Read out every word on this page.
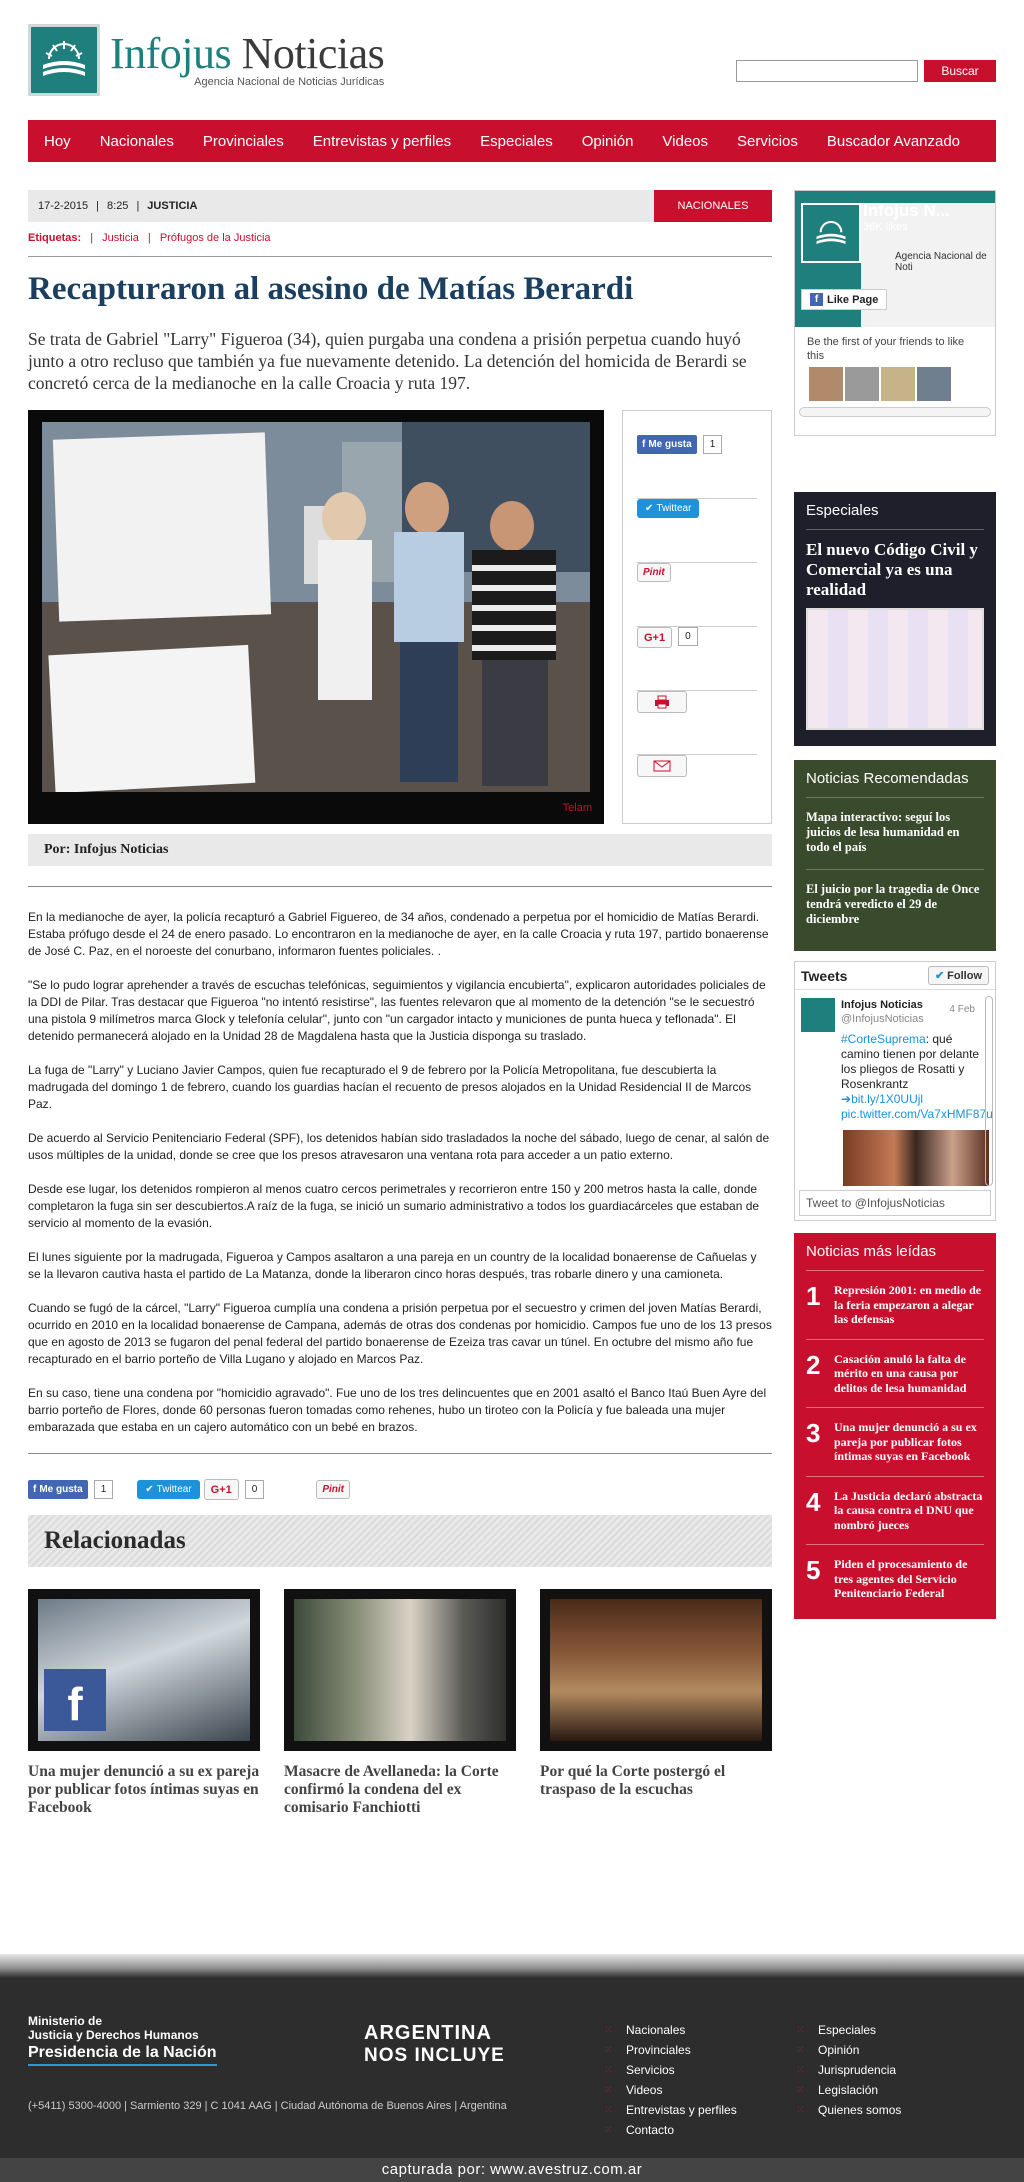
Infojus Noticias
Agencia Nacional de Noticias Jurídicas
Buscar
Hoy Nacionales Provinciales Entrevistas y perfiles Especiales Opinión Videos Servicios Buscador Avanzado
17-2-2015 | 8:25 | JUSTICIA	NACIONALES
Etiquetas: | Justicia | Prófugos de la Justicia
Recapturaron al asesino de Matías Berardi

Se trata de Gabriel "Larry" Figueroa (34), quien purgaba una condena a prisión perpetua cuando huyó junto a otro recluso que también ya fue nuevamente detenido. La detención del homicida de Berardi se concretó cerca de la medianoche en la calle Croacia y ruta 197.

Telam
f Me gusta	1
✔ Twittear
Pinit
G+1	0
Por: Infojus Noticias

En la medianoche de ayer, la policía recapturó a Gabriel Figuereo, de 34 años, condenado a perpetua por el homicidio de Matías Berardi. Estaba prófugo desde el 24 de enero pasado. Lo encontraron en la medianoche de ayer, en la calle Croacia y ruta 197, partido bonaerense de José C. Paz, en el noroeste del conurbano, informaron fuentes policiales. .

"Se lo pudo lograr aprehender a través de escuchas telefónicas, seguimientos y vigilancia encubierta", explicaron autoridades policiales de la DDI de Pilar. Tras destacar que Figueroa "no intentó resistirse", las fuentes relevaron que al momento de la detención "se le secuestró una pistola 9 milímetros marca Glock y telefonía celular", junto con "un cargador intacto y municiones de punta hueca y teflonada". El detenido permanecerá alojado en la Unidad 28 de Magdalena hasta que la Justicia disponga su traslado.

La fuga de "Larry" y Luciano Javier Campos, quien fue recapturado el 9 de febrero por la Policía Metropolitana, fue descubierta la madrugada del domingo 1 de febrero, cuando los guardias hacían el recuento de presos alojados en la Unidad Residencial II de Marcos Paz.

De acuerdo al Servicio Penitenciario Federal (SPF), los detenidos habían sido trasladados la noche del sábado, luego de cenar, al salón de usos múltiples de la unidad, donde se cree que los presos atravesaron una ventana rota para acceder a un patio externo.

Desde ese lugar, los detenidos rompieron al menos cuatro cercos perimetrales y recorrieron entre 150 y 200 metros hasta la calle, donde completaron la fuga sin ser descubiertos.A raíz de la fuga, se inició un sumario administrativo a todos los guardiacárceles que estaban de servicio al momento de la evasión.

El lunes siguiente por la madrugada, Figueroa y Campos asaltaron a una pareja en un country de la localidad bonaerense de Cañuelas y se la llevaron cautiva hasta el partido de La Matanza, donde la liberaron cinco horas después, tras robarle dinero y una camioneta.

Cuando se fugó de la cárcel, "Larry" Figueroa cumplía una condena a prisión perpetua por el secuestro y crimen del joven Matías Berardi, ocurrido en 2010 en la localidad bonaerense de Campana, además de otras dos condenas por homicidio. Campos fue uno de los 13 presos que en agosto de 2013 se fugaron del penal federal del partido bonaerense de Ezeiza tras cavar un túnel. En octubre del mismo año fue recapturado en el barrio porteño de Villa Lugano y alojado en Marcos Paz.

En su caso, tiene una condena por "homicidio agravado". Fue uno de los tres delincuentes que en 2001 asaltó el Banco Itaú Buen Ayre del barrio porteño de Flores, donde 60 personas fueron tomadas como rehenes, hubo un tiroteo con la Policía y fue baleada una mujer embarazada que estaba en un cajero automático con un bebé en brazos.

f Me gusta	1	✔ Twittear	G+1	0	Pinit
Relacionadas
f
Una mujer denunció a su ex pareja por publicar fotos íntimas suyas en Facebook
Masacre de Avellaneda: la Corte confirmó la condena del ex comisario Fanchiotti
Por qué la Corte postergó el traspaso de la escuchas
Infojus N...
36K likes
Agencia Nacional de Noti
f Like Page
Be the first of your friends to like this
Especiales
El nuevo Código Civil y Comercial ya es una realidad
Noticias Recomendadas
Mapa interactivo: seguí los juicios de lesa humanidad en todo el país
El juicio por la tragedia de Once tendrá veredicto el 29 de diciembre
Tweets	✔ Follow
Infojus Noticias
@InfojusNoticias
#CorteSuprema: qué camino tienen por delante los pliegos de Rosatti y Rosenkrantz
➔bit.ly/1X0UUjl
pic.twitter.com/Va7xHMF87u
4 Feb
Tweet to @InfojusNoticias
Noticias más leídas
1	Represión 2001: en medio de la feria empezaron a alegar las defensas
2	Casación anuló la falta de mérito en una causa por delitos de lesa humanidad
3	Una mujer denunció a su ex pareja por publicar fotos íntimas suyas en Facebook
4	La Justicia declaró abstracta la causa contra el DNU que nombró jueces
5	Piden el procesamiento de tres agentes del Servicio Penitenciario Federal
Ministerio de
Justicia y Derechos Humanos
Presidencia de la Nación
ARGENTINA
NOS INCLUYE
(+5411) 5300-4000 | Sarmiento 329 | C 1041 AAG | Ciudad Autónoma de Buenos Aires | Argentina
⁙	Nacionales
⁙	Provinciales
⁙	Servicios
⁙	Videos
⁙	Entrevistas y perfiles
⁙	Contacto
⁙	Especiales
⁙	Opinión
⁙	Jurisprudencia
⁙	Legislación
⁙	Quienes somos
capturada por: www.avestruz.com.ar
